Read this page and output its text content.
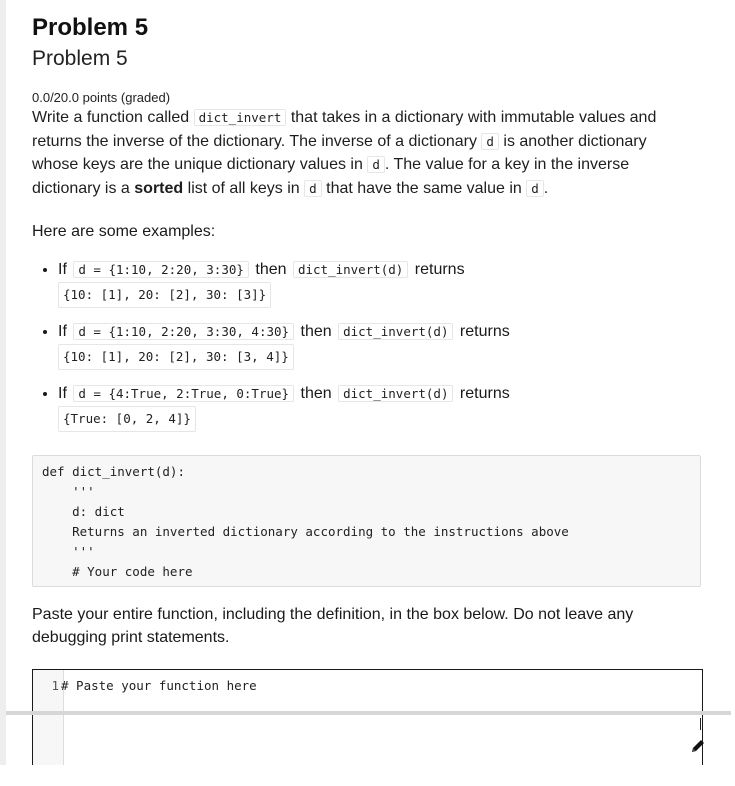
Problem 5
Problem 5
0.0/20.0 points (graded)
Write a function called dict_invert that takes in a dictionary with immutable values and returns the inverse of the dictionary. The inverse of a dictionary d is another dictionary whose keys are the unique dictionary values in d . The value for a key in the inverse dictionary is a sorted list of all keys in d that have the same value in d .
Here are some examples:
• If d = {1:10, 2:20, 3:30} then dict_invert(d) returns
{10: [1], 20: [2], 30: [3]}
• If d = {1:10, 2:20, 3:30, 4:30} then dict_invert(d) returns
{10: [1], 20: [2], 30: [3, 4]}
• If d = {4:True, 2:True, 0:True} then dict_invert(d) returns
{True: [0, 2, 4]}
def dict_invert(d):
'''
d: dict
Returns an inverted dictionary according to the instructions above
'''
# Your code here
Paste your entire function, including the definition, in the box below. Do not leave any debugging print statements.
1 # Paste your function here
